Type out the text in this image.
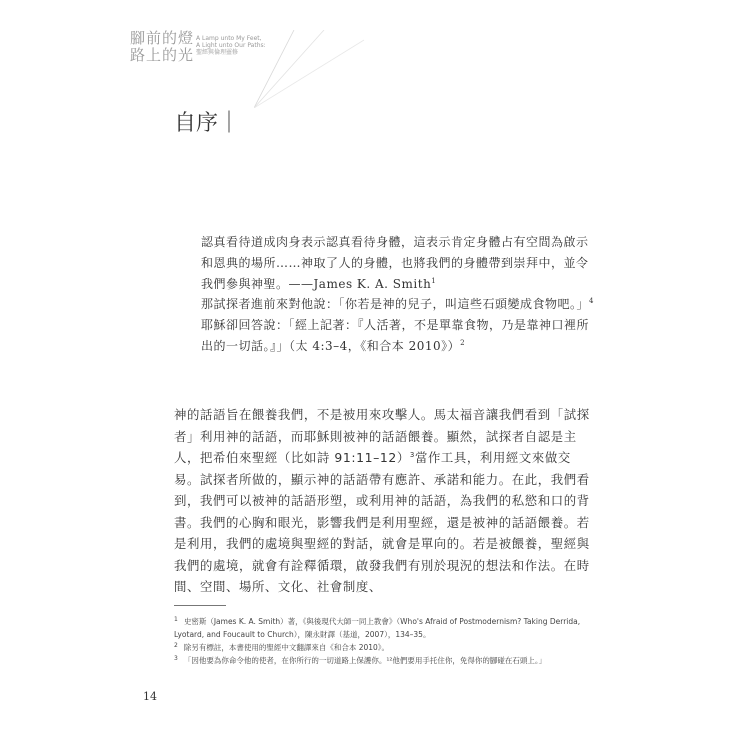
腳前的燈
路上的光
A Lamp unto My Feet,
A Light unto Our Paths:
聖經與倫理靈修
自序｜

認真看待道成肉身表示認真看待身體，這表示肯定身體占有空間為啟示和恩典的場所……神取了人的身體，也將我們的身體帶到崇拜中，並令我們參與神聖。——James K. A. Smith$^1$

那試探者進前來對他說：「你若是神的兒子，叫這些石頭變成食物吧。」$^4$耶穌卻回答說：「經上記著：『人活著，不是單靠食物，乃是靠神口裡所出的一切話。』」（太 4:3–4，《和合本 2010》）$^2$

神的話語旨在餵養我們，不是被用來攻擊人。馬太福音讓我們看到「試探者」利用神的話語，而耶穌則被神的話語餵養。顯然，試探者自認是主人，把希伯來聖經（比如詩 91:11–12）$^3$當作工具，利用經文來做交易。試探者所做的，顯示神的話語帶有應許、承諾和能力。在此，我們看到，我們可以被神的話語形塑，或利用神的話語，為我們的私慾和口的背書。我們的心胸和眼光，影響我們是利用聖經，還是被神的話語餵養。若是利用，我們的處境與聖經的對話，就會是單向的。若是被餵養，聖經與我們的處境，就會有詮釋循環，啟發我們有別於現況的想法和作法。在時間、空間、場所、文化、社會制度、

$^1$ 史密斯（James K. A. Smith）著，《與後現代大師一同上教會》（Who's Afraid of Postmodernism? Taking Derrida, Lyotard, and Foucault to Church），陳永財譯（基道，2007），134–35。

$^2$ 除另有標註，本書使用的聖經中文翻譯來自《和合本 2010》。

$^3$ 「因他要為你命令他的使者，在你所行的一切道路上保護你。¹²他們要用手托住你，免得你的腳碰在石頭上。」

14
